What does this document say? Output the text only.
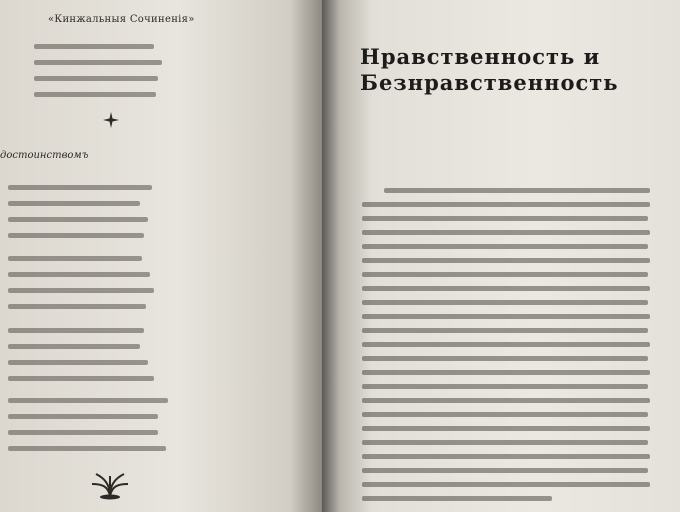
«Кинжальныя Сочиненія»
достоинствомъ
Нравственность и
Безнравственность
